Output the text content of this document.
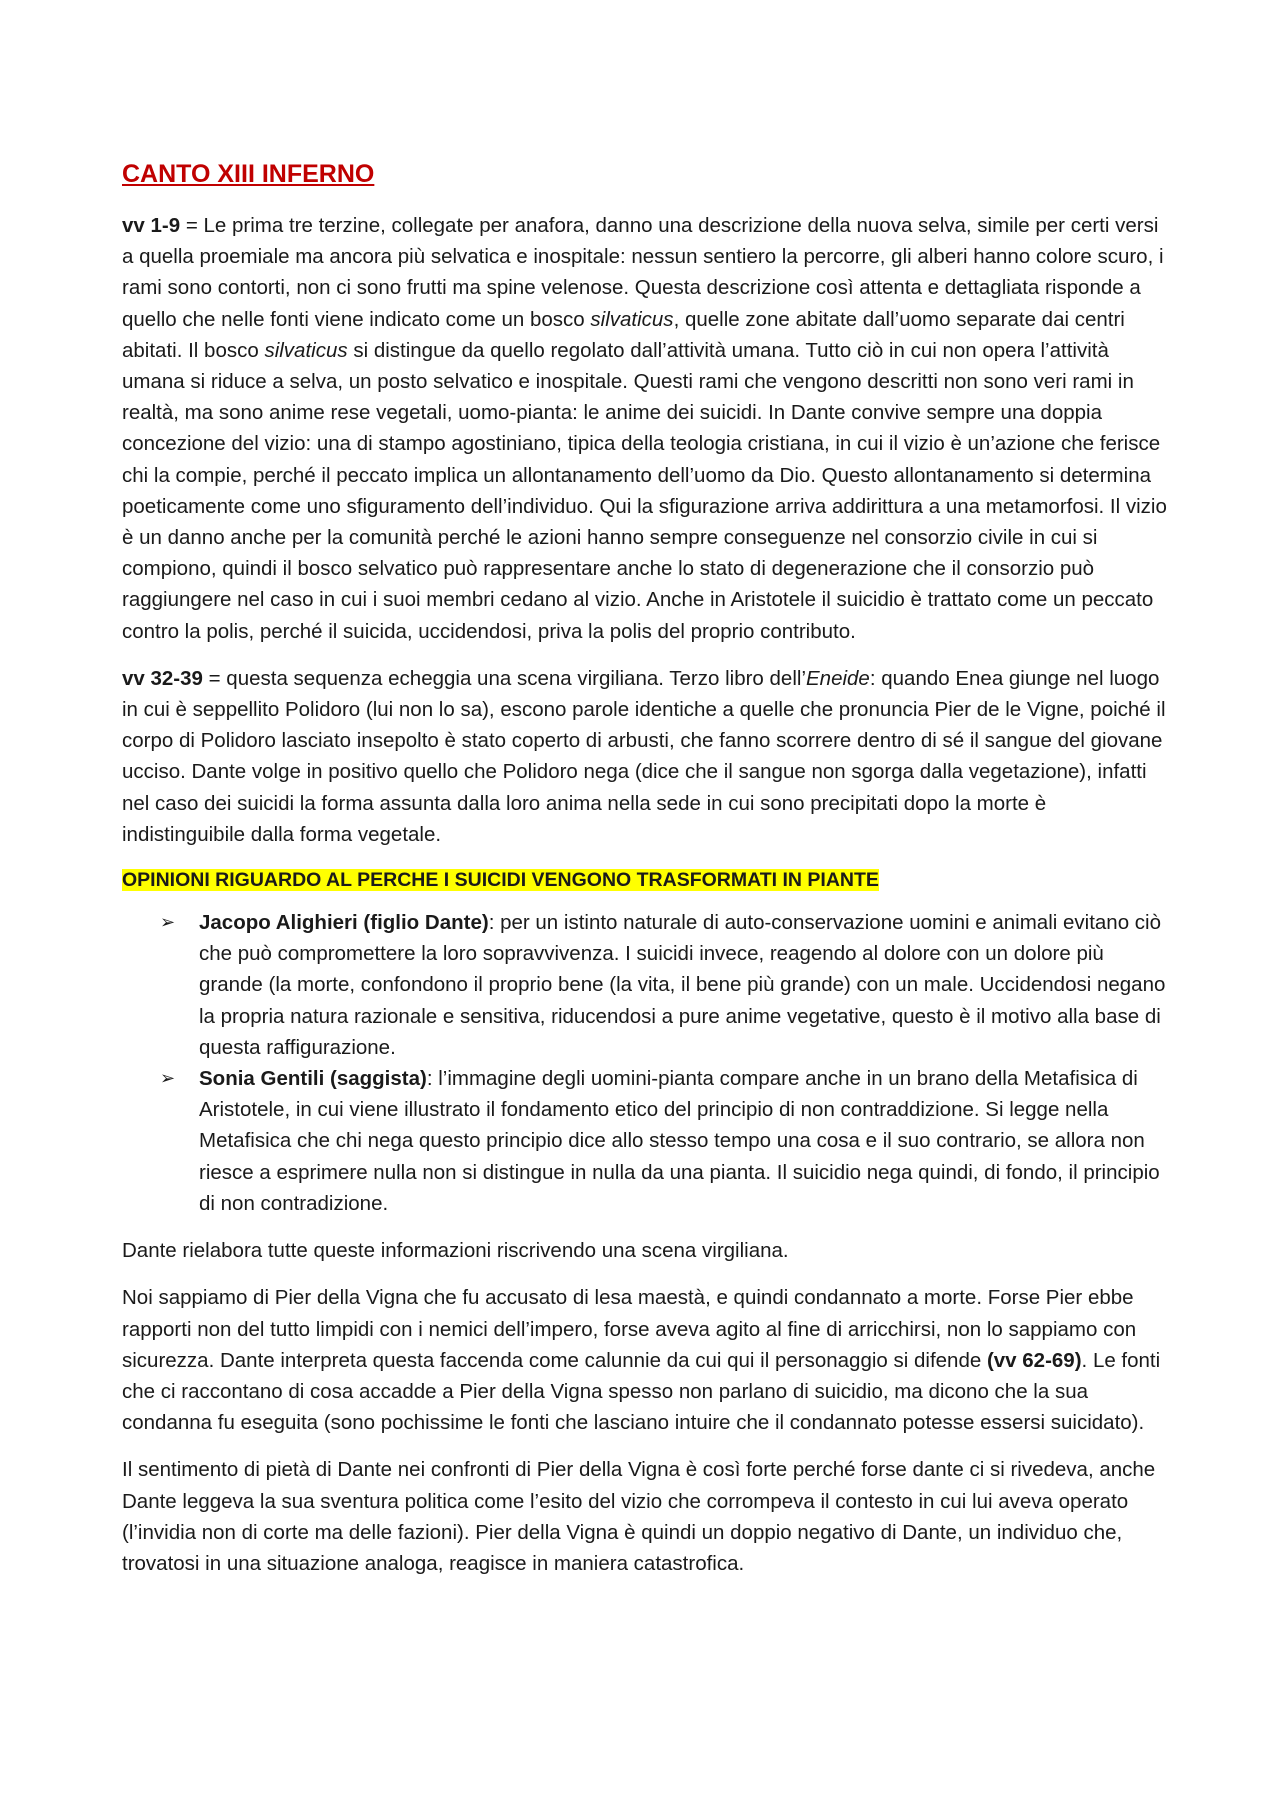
CANTO XIII INFERNO

vv 1-9 = Le prima tre terzine, collegate per anafora, danno una descrizione della nuova selva, simile per certi versi a quella proemiale ma ancora più selvatica e inospitale: nessun sentiero la percorre, gli alberi hanno colore scuro, i rami sono contorti, non ci sono frutti ma spine velenose. Questa descrizione così attenta e dettagliata risponde a quello che nelle fonti viene indicato come un bosco silvaticus, quelle zone abitate dall’uomo separate dai centri abitati. Il bosco silvaticus si distingue da quello regolato dall’attività umana. Tutto ciò in cui non opera l’attività umana si riduce a selva, un posto selvatico e inospitale. Questi rami che vengono descritti non sono veri rami in realtà, ma sono anime rese vegetali, uomo-pianta: le anime dei suicidi. In Dante convive sempre una doppia concezione del vizio: una di stampo agostiniano, tipica della teologia cristiana, in cui il vizio è un’azione che ferisce chi la compie, perché il peccato implica un allontanamento dell’uomo da Dio. Questo allontanamento si determina poeticamente come uno sfiguramento dell’individuo. Qui la sfigurazione arriva addirittura a una metamorfosi. Il vizio è un danno anche per la comunità perché le azioni hanno sempre conseguenze nel consorzio civile in cui si compiono, quindi il bosco selvatico può rappresentare anche lo stato di degenerazione che il consorzio può raggiungere nel caso in cui i suoi membri cedano al vizio. Anche in Aristotele il suicidio è trattato come un peccato contro la polis, perché il suicida, uccidendosi, priva la polis del proprio contributo.

vv 32-39 = questa sequenza echeggia una scena virgiliana. Terzo libro dell’Eneide: quando Enea giunge nel luogo in cui è seppellito Polidoro (lui non lo sa), escono parole identiche a quelle che pronuncia Pier de le Vigne, poiché il corpo di Polidoro lasciato insepolto è stato coperto di arbusti, che fanno scorrere dentro di sé il sangue del giovane ucciso. Dante volge in positivo quello che Polidoro nega (dice che il sangue non sgorga dalla vegetazione), infatti nel caso dei suicidi la forma assunta dalla loro anima nella sede in cui sono precipitati dopo la morte è indistinguibile dalla forma vegetale.

OPINIONI RIGUARDO AL PERCHE I SUICIDI VENGONO TRASFORMATI IN PIANTE
➢ Jacopo Alighieri (figlio Dante): per un istinto naturale di auto-conservazione uomini e animali evitano ciò che può compromettere la loro sopravvivenza. I suicidi invece, reagendo al dolore con un dolore più grande (la morte, confondono il proprio bene (la vita, il bene più grande) con un male. Uccidendosi negano la propria natura razionale e sensitiva, riducendosi a pure anime vegetative, questo è il motivo alla base di questa raffigurazione.
➢ Sonia Gentili (saggista): l’immagine degli uomini-pianta compare anche in un brano della Metafisica di Aristotele, in cui viene illustrato il fondamento etico del principio di non contraddizione. Si legge nella Metafisica che chi nega questo principio dice allo stesso tempo una cosa e il suo contrario, se allora non riesce a esprimere nulla non si distingue in nulla da una pianta. Il suicidio nega quindi, di fondo, il principio di non contradizione.

Dante rielabora tutte queste informazioni riscrivendo una scena virgiliana.

Noi sappiamo di Pier della Vigna che fu accusato di lesa maestà, e quindi condannato a morte. Forse Pier ebbe rapporti non del tutto limpidi con i nemici dell’impero, forse aveva agito al fine di arricchirsi, non lo sappiamo con sicurezza. Dante interpreta questa faccenda come calunnie da cui qui il personaggio si difende (vv 62-69). Le fonti che ci raccontano di cosa accadde a Pier della Vigna spesso non parlano di suicidio, ma dicono che la sua condanna fu eseguita (sono pochissime le fonti che lasciano intuire che il condannato potesse essersi suicidato).

Il sentimento di pietà di Dante nei confronti di Pier della Vigna è così forte perché forse dante ci si rivedeva, anche Dante leggeva la sua sventura politica come l’esito del vizio che corrompeva il contesto in cui lui aveva operato (l’invidia non di corte ma delle fazioni). Pier della Vigna è quindi un doppio negativo di Dante, un individuo che, trovatosi in una situazione analoga, reagisce in maniera catastrofica.
